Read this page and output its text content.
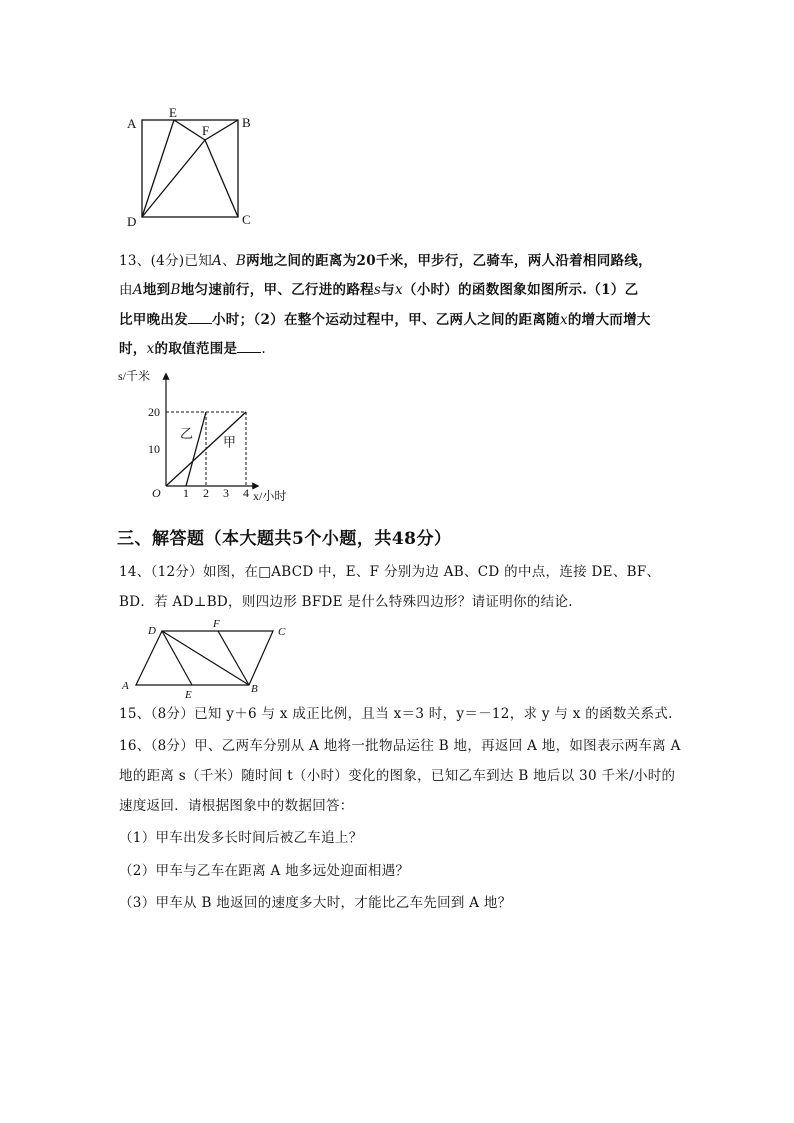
A
E
F
B
D	C
13、(4分)已知A、B两地之间的距离为20千米，甲步行，乙骑车，两人沿着相同路线，
由A地到B地匀速前行，甲、乙行进的路程s与x（小时）的函数图象如图所示.（1）乙
比甲晚出发 小时；（2）在整个运动过程中，甲、乙两人之间的距离随x的增大而增大
时，x的取值范围是 .
s/千米
x/小时
O
乙
甲
20
10
1 2 3 4
三、解答题（本大题共5个小题，共48分）
14、（12分）如图，在□ABCD 中，E、F 分别为边 AB、CD 的中点，连接 DE、BF、
BD．若 AD⊥BD，则四边形 BFDE 是什么特殊四边形？请证明你的结论.
D
F
C
A
E	B
15、（8分）已知 y＋6 与 x 成正比例，且当 x＝3 时，y＝－12，求 y 与 x 的函数关系式.
16、（8分）甲、乙两车分别从 A 地将一批物品运往 B 地，再返回 A 地，如图表示两车离 A
地的距离 s（千米）随时间 t（小时）变化的图象，已知乙车到达 B 地后以 30 千米/小时的
速度返回．请根据图象中的数据回答：
（1）甲车出发多长时间后被乙车追上？
（2）甲车与乙车在距离 A 地多远处迎面相遇？
（3）甲车从 B 地返回的速度多大时，才能比乙车先回到 A 地？
